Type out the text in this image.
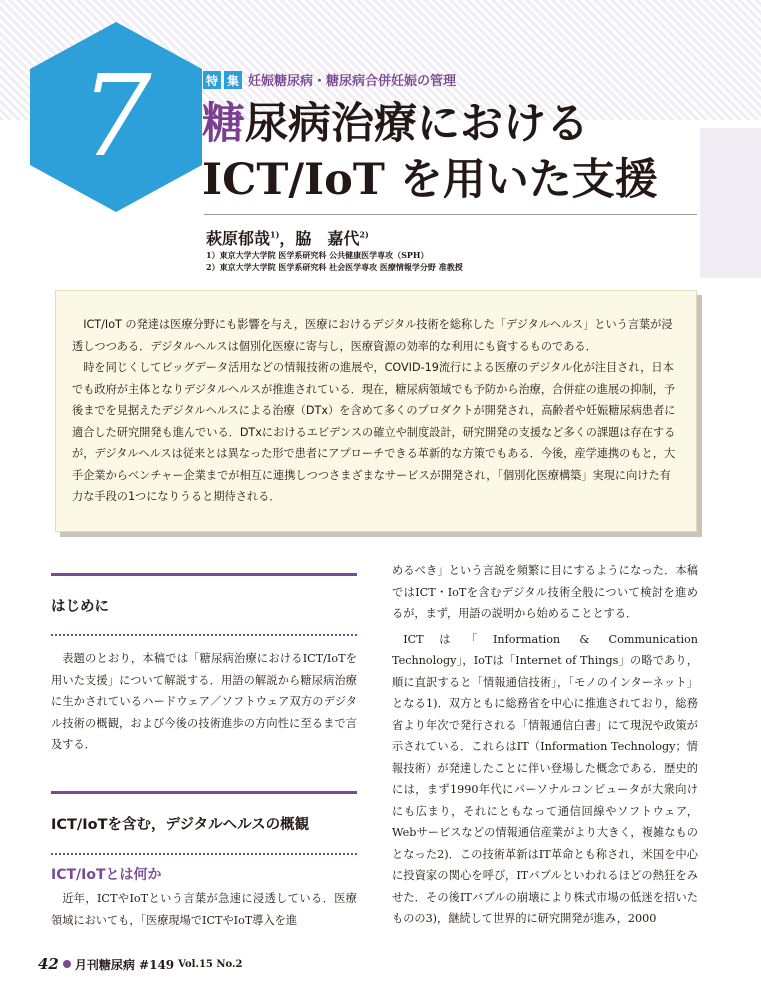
7	特 集 妊娠糖尿病・糖尿病合併妊娠の管理
糖尿病治療における
ICT/IoT を用いた支援
萩原郁哉$^{1)}$，脇　嘉代$^{2)}$
1）東京大学大学院 医学系研究科 公共健康医学専攻（SPH）
2）東京大学大学院 医学系研究科 社会医学専攻 医療情報学分野 准教授

ICT/IoT の発達は医療分野にも影響を与え，医療におけるデジタル技術を総称した「デジタルヘルス」という言葉が浸透しつつある．デジタルヘルスは個別化医療に寄与し，医療資源の効率的な利用にも資するものである．

時を同じくしてビッグデータ活用などの情報技術の進展や，COVID-19流行による医療のデジタル化が注目され，日本でも政府が主体となりデジタルヘルスが推進されている．現在，糖尿病領域でも予防から治療，合併症の進展の抑制，予後までを見据えたデジタルヘルスによる治療（DTx）を含めて多くのプロダクトが開発され，高齢者や妊娠糖尿病患者に適合した研究開発も進んでいる．DTxにおけるエビデンスの確立や制度設計，研究開発の支援など多くの課題は存在するが，デジタルヘルスは従来とは異なった形で患者にアプローチできる革新的な方策でもある．今後，産学連携のもと，大手企業からベンチャー企業までが相互に連携しつつさまざまなサービスが開発され，「個別化医療構築」実現に向けた有力な手段の1つになりうると期待される．

はじめに

表題のとおり，本稿では「糖尿病治療におけるICT/IoTを用いた支援」について解説する．用語の解説から糖尿病治療に生かされているハードウェア／ソフトウェア双方のデジタル技術の概観，および今後の技術進歩の方向性に至るまで言及する．

ICT/IoTを含む，デジタルヘルスの概観
ICT/IoTとは何か

近年，ICTやIoTという言葉が急速に浸透している．医療領域においても，「医療現場でICTやIoT導入を進

めるべき」という言説を頻繁に目にするようになった．本稿ではICT・IoTを含むデジタル技術全般について検討を進めるが，まず，用語の説明から始めることとする．

ICTは「Information & Communication Technology」，IoTは「Internet of Things」の略であり，順に直訳すると「情報通信技術」，「モノのインターネット」となる1)．双方ともに総務省を中心に推進されており，総務省より年次で発行される「情報通信白書」にて現況や政策が示されている．これらはIT（Information Technology；情報技術）が発達したことに伴い登場した概念である．歴史的には，まず1990年代にパーソナルコンピュータが大衆向けにも広まり，それにともなって通信回線やソフトウェア，Webサービスなどの情報通信産業がより大きく，複雑なものとなった2)．この技術革新はIT革命とも称され，米国を中心に投資家の関心を呼び，ITバブルといわれるほどの熱狂をみせた．その後ITバブルの崩壊により株式市場の低迷を招いたものの3)，継続して世界的に研究開発が進み，2000

42 月刊糖尿病 #149 Vol.15 No.2
